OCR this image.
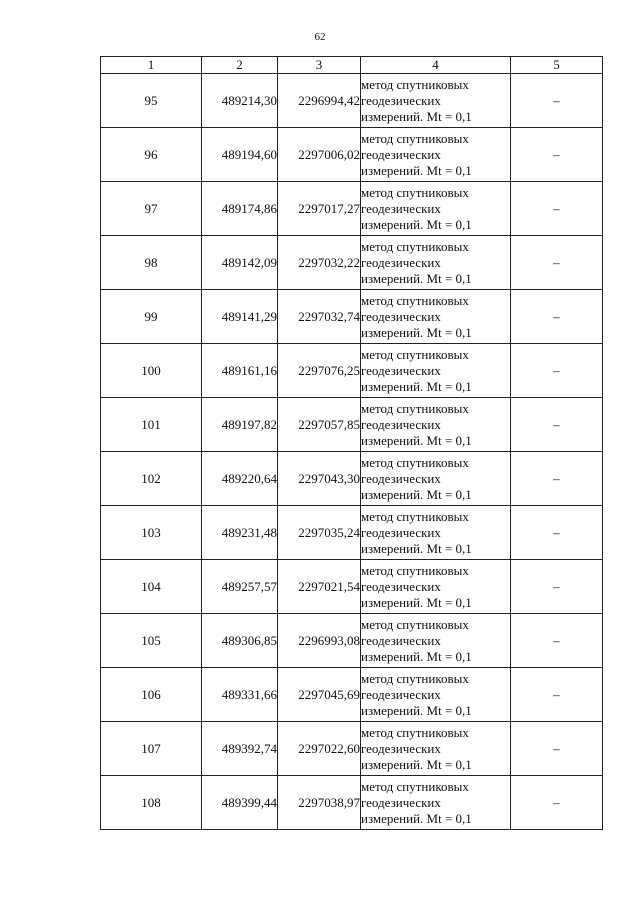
62
1	2	3	4	5
95	489214,30	2296994,42	метод спутниковых
геодезических
измерений. Mt = 0,1	–
96	489194,60	2297006,02	метод спутниковых
геодезических
измерений. Mt = 0,1	–
97	489174,86	2297017,27	метод спутниковых
геодезических
измерений. Mt = 0,1	–
98	489142,09	2297032,22	метод спутниковых
геодезических
измерений. Mt = 0,1	–
99	489141,29	2297032,74	метод спутниковых
геодезических
измерений. Mt = 0,1	–
100	489161,16	2297076,25	метод спутниковых
геодезических
измерений. Mt = 0,1	–
101	489197,82	2297057,85	метод спутниковых
геодезических
измерений. Mt = 0,1	–
102	489220,64	2297043,30	метод спутниковых
геодезических
измерений. Mt = 0,1	–
103	489231,48	2297035,24	метод спутниковых
геодезических
измерений. Mt = 0,1	–
104	489257,57	2297021,54	метод спутниковых
геодезических
измерений. Mt = 0,1	–
105	489306,85	2296993,08	метод спутниковых
геодезических
измерений. Mt = 0,1	–
106	489331,66	2297045,69	метод спутниковых
геодезических
измерений. Mt = 0,1	–
107	489392,74	2297022,60	метод спутниковых
геодезических
измерений. Mt = 0,1	–
108	489399,44	2297038,97	метод спутниковых
геодезических
измерений. Mt = 0,1	–
